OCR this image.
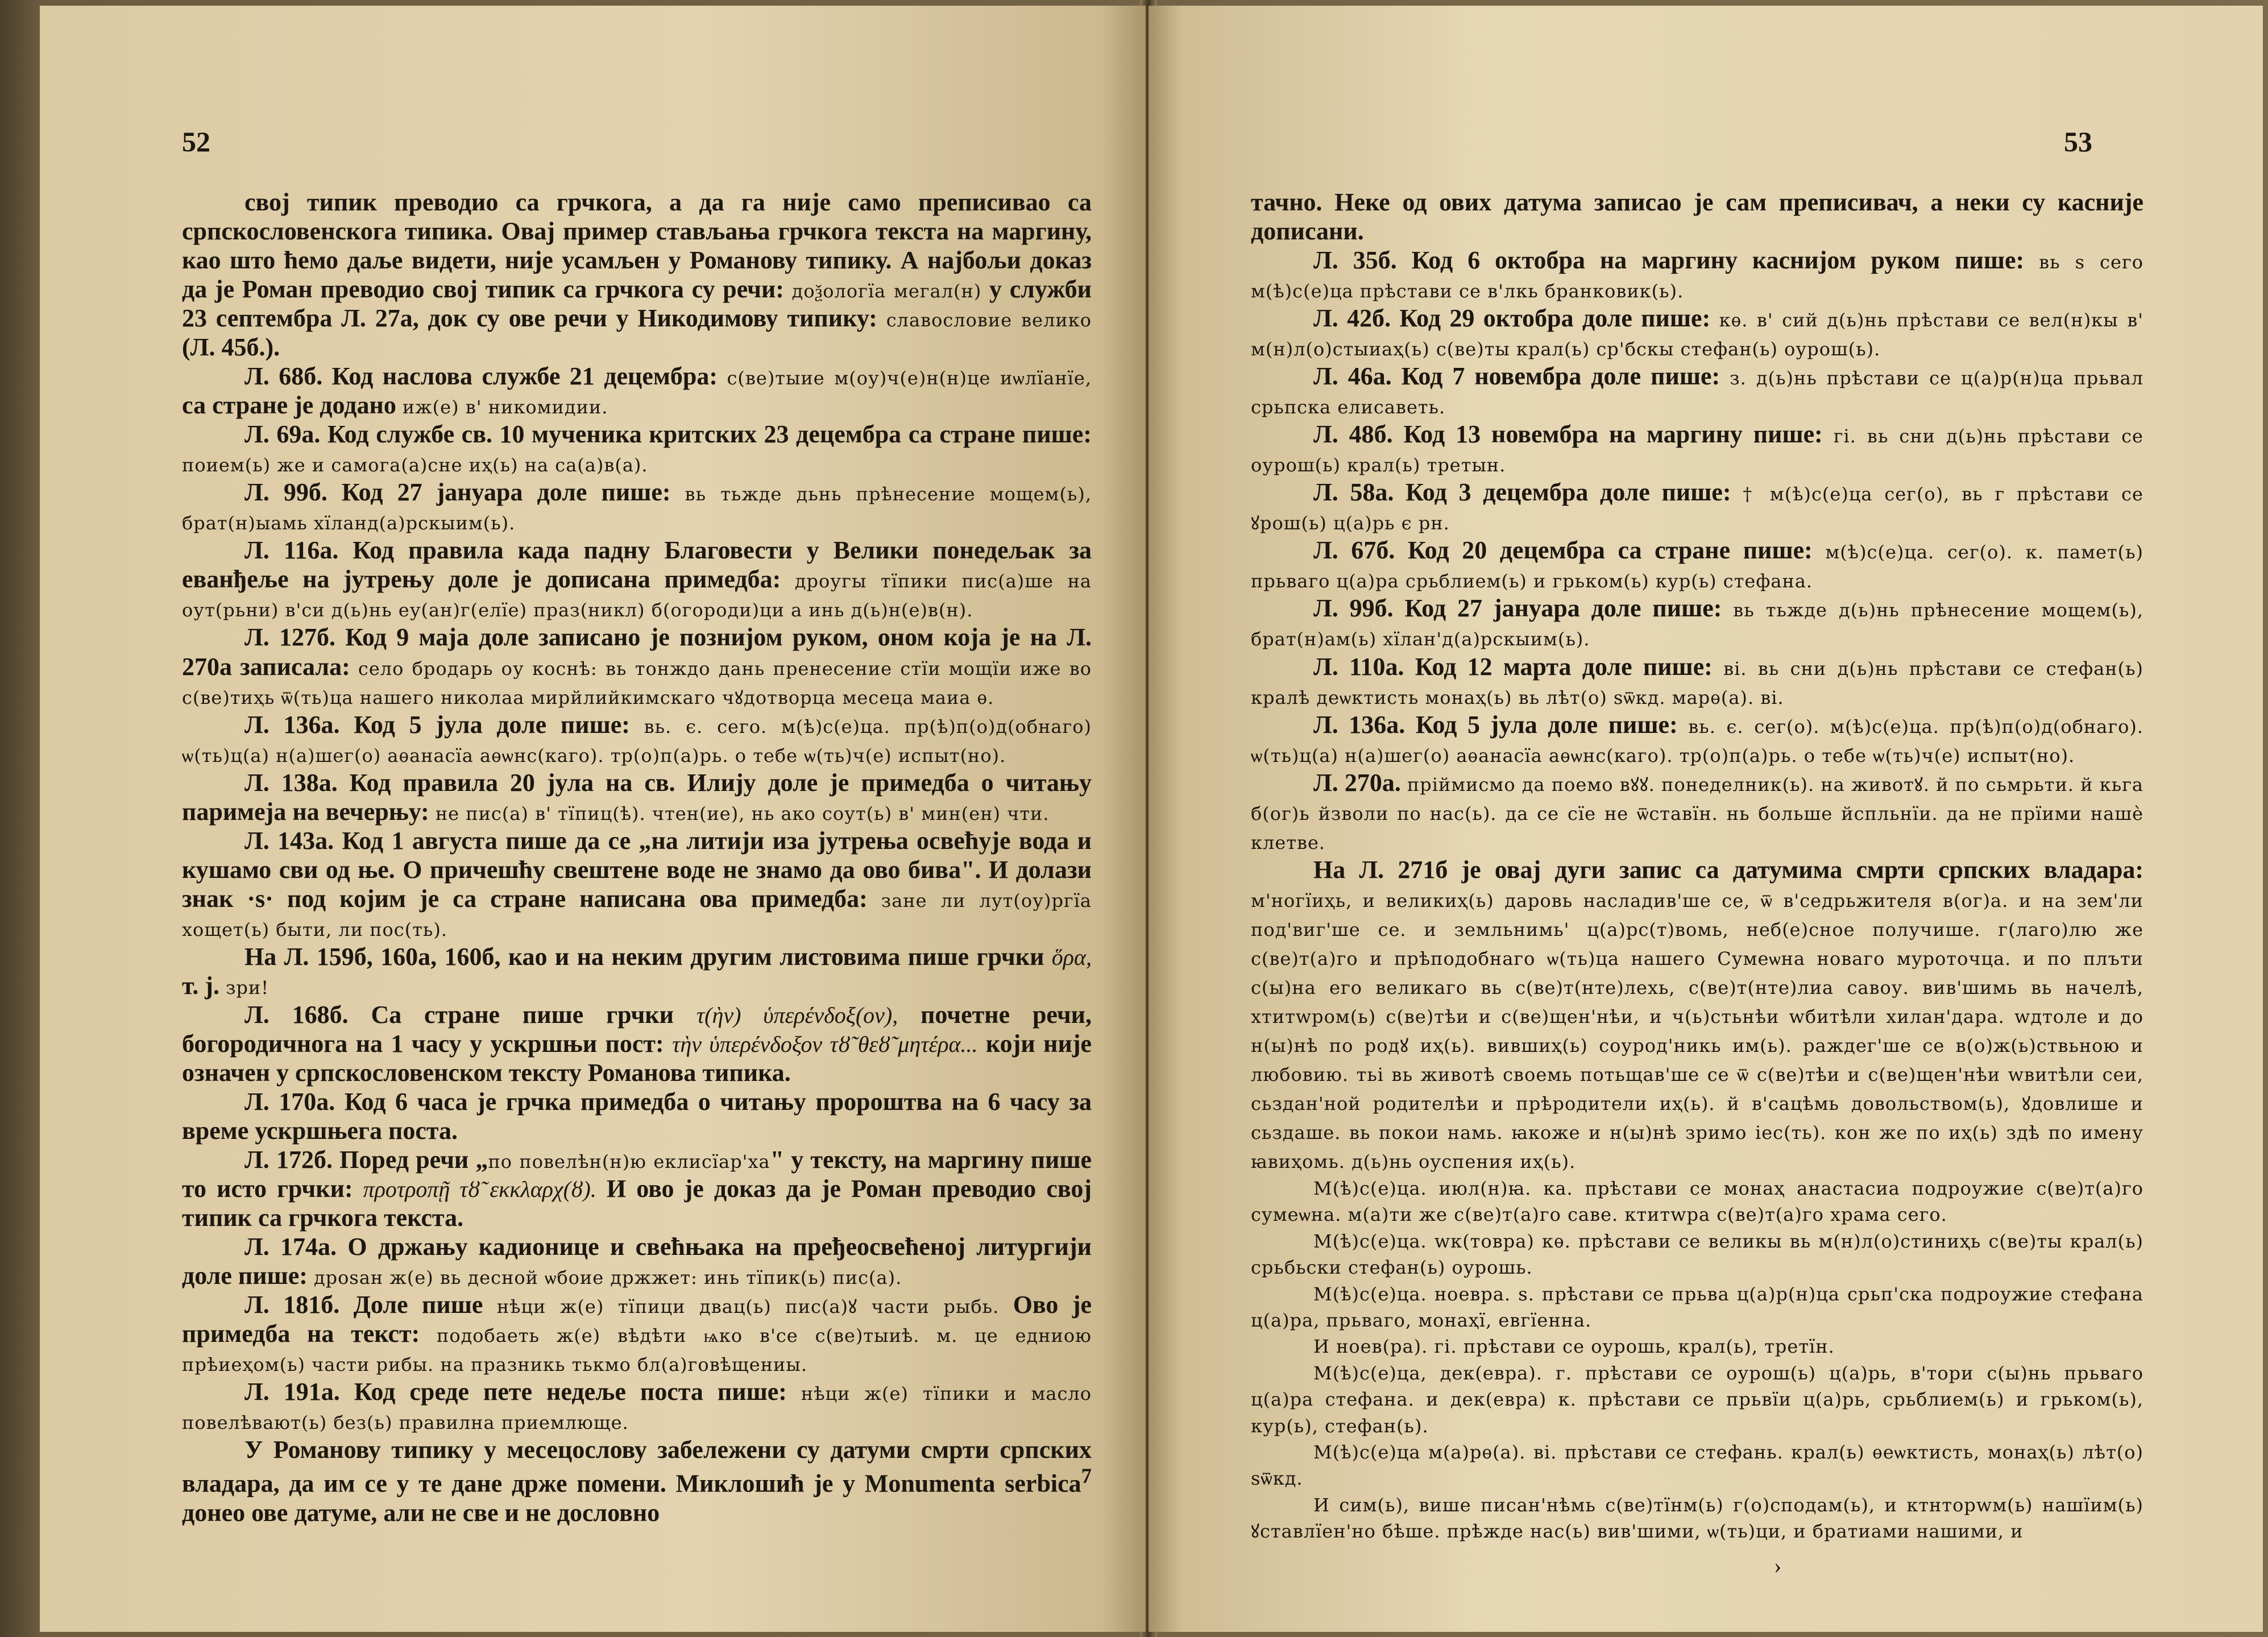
52

свој типик преводио са грчкога, а да га није само преписивао са српскословенскога типика. Овај пример стављања грчкога текста на маргину, као што ћемо даље видети, није усамљен у Романову типику. А најбољи доказ да је Роман преводио свој типик са грчкога су речи: доѯологїа мегал(н) у служби 23 септембра Л. 27а, док су ове речи у Никодимову типику: славословие велико (Л. 45б.).

Л. 68б. Код наслова службе 21 децембра: с(ве)тыие м(оу)ч(е)н(н)це иѡлїанїе, са стране је додано иж(е) в' никомидии.

Л. 69а. Код службе св. 10 мученика критских 23 децембра са стране пише: поием(ь) же и самога(а)сне иҳ(ь) на са(а)в(а).

Л. 99б. Код 27 јануара доле пише: вь тьжде дьнь прѣнесение мощем(ь), брат(н)ыамь хїланд(а)рскыим(ь).

Л. 116а. Код правила када падну Благовести у Велики понедељак за еванђеље на јутрењу доле је дописана примедба: дроугы тїпики пис(а)ше на оут(рьни) в'си д(ь)нь еу(ан)г(елїе) праз(никл) б(огороди)ци а инь д(ь)н(е)в(н).

Л. 127б. Код 9 маја доле записано је познијом руком, оном која је на Л. 270а записала: село бродарь оу коснѣ: вь тонждо дань пренесение стїи мощїи иже во с(ве)тиҳь ѿ(ть)ца нашего николаа мирйлийкимскаго чꙋдотворца месеца маиа ѳ.

Л. 136а. Код 5 јула доле пише: вь. є. сего. м(ѣ)с(е)ца. пр(ѣ)п(о)д(обнаго) ѡ(ть)ц(а) н(а)шег(о) аѳанасїа аѳѡнс(каго). тр(о)п(а)рь. о тебе ѡ(ть)ч(е) испыт(но).

Л. 138а. Код правила 20 јула на св. Илију доле је примедба о читању паримеја на вечерњу: не пис(а) в' тїпиц(ѣ). чтен(ие), нь ако соут(ь) в' мин(ен) чти.

Л. 143а. Код 1 августа пише да се „на литији иза јутрења освећује вода и кушамо сви од ње. О причешћу свештене воде не знамо да ово бива". И долази знак ·s· под којим је са стране написана ова примедба: зане ли лут(оу)ргїа хощет(ь) быти, ли пос(ть).

На Л. 159б, 160а, 160б, као и на неким другим листовима пише грчки ὅρα, т. ј. зри!

Л. 168б. Са стране пише грчки τ(ὴν) ὑπερένδοξ(ον), почетне речи, богородичнога на 1 часу у ускршњи пост: τὴν ὑπερένδοξον τȣ̃ θεȣ̃ μητέρα... који није означен у српскословенском тексту Романова типика.

Л. 170а. Код 6 часа је грчка примедба о читању пророштва на 6 часу за време ускршњега поста.

Л. 172б. Поред речи „по повелѣн(н)ю еклисїар'ха" у тексту, на маргину пише то исто грчки: προτροπῇ τȣ̃ εκκλαρχ(ȣ). И ово је доказ да је Роман преводио свој типик са грчкога текста.

Л. 174а. О држању кадионице и свећњака на пређеосвећеној литургији доле пише: дроѕан ж(е) вь десной ѡбоие држжет: инь тїпик(ь) пис(а).

Л. 181б. Доле пише нѣци ж(е) тїпици двац(ь) пис(а)ꙋ части рыбь. Ово је примедба на текст: подобаеть ж(е) вѣдѣти ѩко в'се с(ве)тыиѣ. м. це едниою прѣиеҳом(ь) части рибы. на празникь тькмо бл(а)говѣщениы.

Л. 191а. Код среде пете недеље поста пише: нѣци ж(е) тїпики и масло повелѣвают(ь) без(ь) правилна приемлюще.

У Романову типику у месецослову забележени су датуми смрти српских владара, да им се у те дане држе помени. Миклошић је у Monumenta serbica$^7$ донео ове датуме, али не све и не дословно

53

тачно. Неке од ових датума записао је сам преписивач, а неки су касније дописани.

Л. 35б. Код 6 октобра на маргину каснијом руком пише: вь ѕ сего м(ѣ)с(е)ца прѣстави се в'лкь бранковик(ь).

Л. 42б. Код 29 октобра доле пише: кѳ. в' сий д(ь)нь прѣстави се вел(н)кы в' м(н)л(о)стыиаҳ(ь) с(ве)ты крал(ь) ср'бскы стефан(ь) оурош(ь).

Л. 46а. Код 7 новембра доле пише: з. д(ь)нь прѣстави се ц(а)р(н)ца прьвал срьпска елисаветь.

Л. 48б. Код 13 новембра на маргину пише: гі. вь сни д(ь)нь прѣстави се оурош(ь) крал(ь) третын.

Л. 58а. Код 3 децембра доле пише: † м(ѣ)с(е)ца сег(о), вь г прѣстави се ꙋрош(ь) ц(а)рь є рн.

Л. 67б. Код 20 децембра са стране пише: м(ѣ)с(е)ца. сег(о). к. памет(ь) прьваго ц(а)ра срьблием(ь) и грьком(ь) кур(ь) стефана.

Л. 99б. Код 27 јануара доле пише: вь тьжде д(ь)нь прѣнесение мощем(ь), брат(н)ам(ь) хїлан'д(а)рскыим(ь).

Л. 110а. Код 12 марта доле пише: ві. вь сни д(ь)нь прѣстави се стефан(ь) кралѣ деѡктисть монаҳ(ь) вь лѣт(о) ѕѿкд. марѳ(а). ві.

Л. 136а. Код 5 јула доле пише: вь. є. сег(о). м(ѣ)с(е)ца. пр(ѣ)п(о)д(обнаго). ѡ(ть)ц(а) н(а)шег(о) аѳанасїа аѳѡнс(каго). тр(о)п(а)рь. о тебе ѡ(ть)ч(е) испыт(но).

Л. 270а. пріймисмо да поемо вꙋꙋ. понеделник(ь). на животꙋ. й по сьмрьти. й кьга б(ог)ь йзволи по нас(ь). да се сїе не ѿставїн. нь больше йспльнїи. да не прїими нашѐ клетве.

На Л. 271б је овај дуги запис са датумима смрти српских владара: м'ногїиҳь, и великиҳ(ь) даровь насладив'ше се, ѿ в'седрьжителя в(ог)а. и на зем'ли под'виг'ше се. и земльнимь' ц(а)рс(т)вомь, неб(е)сное получише. г(лаго)лю же с(ве)т(а)го и прѣподобнаго ѡ(ть)ца нашего Сумеѡна новаго муроточца. и по плъти с(ы)на его великаго вь с(ве)т(нте)лехь, с(ве)т(нте)лиа савоу. вив'шимь вь начелѣ, хтитwром(ь) с(ве)тѣи и с(ве)щен'нѣи, и ч(ь)стьнѣи wбитѣли хилан'дара. wдтоле и до н(ы)нѣ по родꙋ иҳ(ь). вившиҳ(ь) соурод'никь им(ь). раждег'ше се в(о)ж(ь)ствьною и любовию. тьі вь животѣ своемь потьщав'ше се ѿ с(ве)тѣи и с(ве)щен'нѣи wвитѣли сеи, сьздан'ной родителѣи и прѣродители иҳ(ь). й в'сацѣмь довольством(ь), ꙋдовлише и сьздаше. вь покои намь. ꙗкоже и н(ы)нѣ зримо iес(ть). кон же по иҳ(ь) здѣ по имену ꙗвиҳомь. д(ь)нь оуспения иҳ(ь).

М(ѣ)с(е)ца. июл(н)ꙗ. ка. прѣстави се монаҳ анастасиа подроужие с(ве)т(а)го сумеѡна. м(а)ти же с(ве)т(а)го саве. ктитwра с(ве)т(а)го храма сего.

М(ѣ)с(е)ца. wк(товра) кѳ. прѣстави се великы вь м(н)л(о)стиниҳь с(ве)ты крал(ь) срьбьски стефан(ь) оурошь.

М(ѣ)с(е)ца. ноевра. ѕ. прѣстави се прьва ц(а)р(н)ца срьп'ска подроужие стефана ц(а)ра, прьваго, монаҳї, евгїенна.

И ноев(ра). гі. прѣстави се оурошь, крал(ь), третїн.

М(ѣ)с(е)ца, дек(евра). г. прѣстави се оурош(ь) ц(а)рь, в'тори с(ы)нь прьваго ц(а)ра стефана. и дек(евра) к. прѣстави се прьвїи ц(а)рь, срьблием(ь) и грьком(ь), кур(ь), стефан(ь).

М(ѣ)с(е)ца м(а)рѳ(а). ві. прѣстави се стефань. крал(ь) ѳеѡктисть, монаҳ(ь) лѣт(о) ѕѿкд.

И сим(ь), више писан'нѣмь с(ве)тїнм(ь) г(о)сподам(ь), и ктнторwм(ь) нашїим(ь) ꙋставлїен'но бѣше. прѣжде нас(ь) вив'шими, ѡ(ть)ци, и братиами нашими, и

›
